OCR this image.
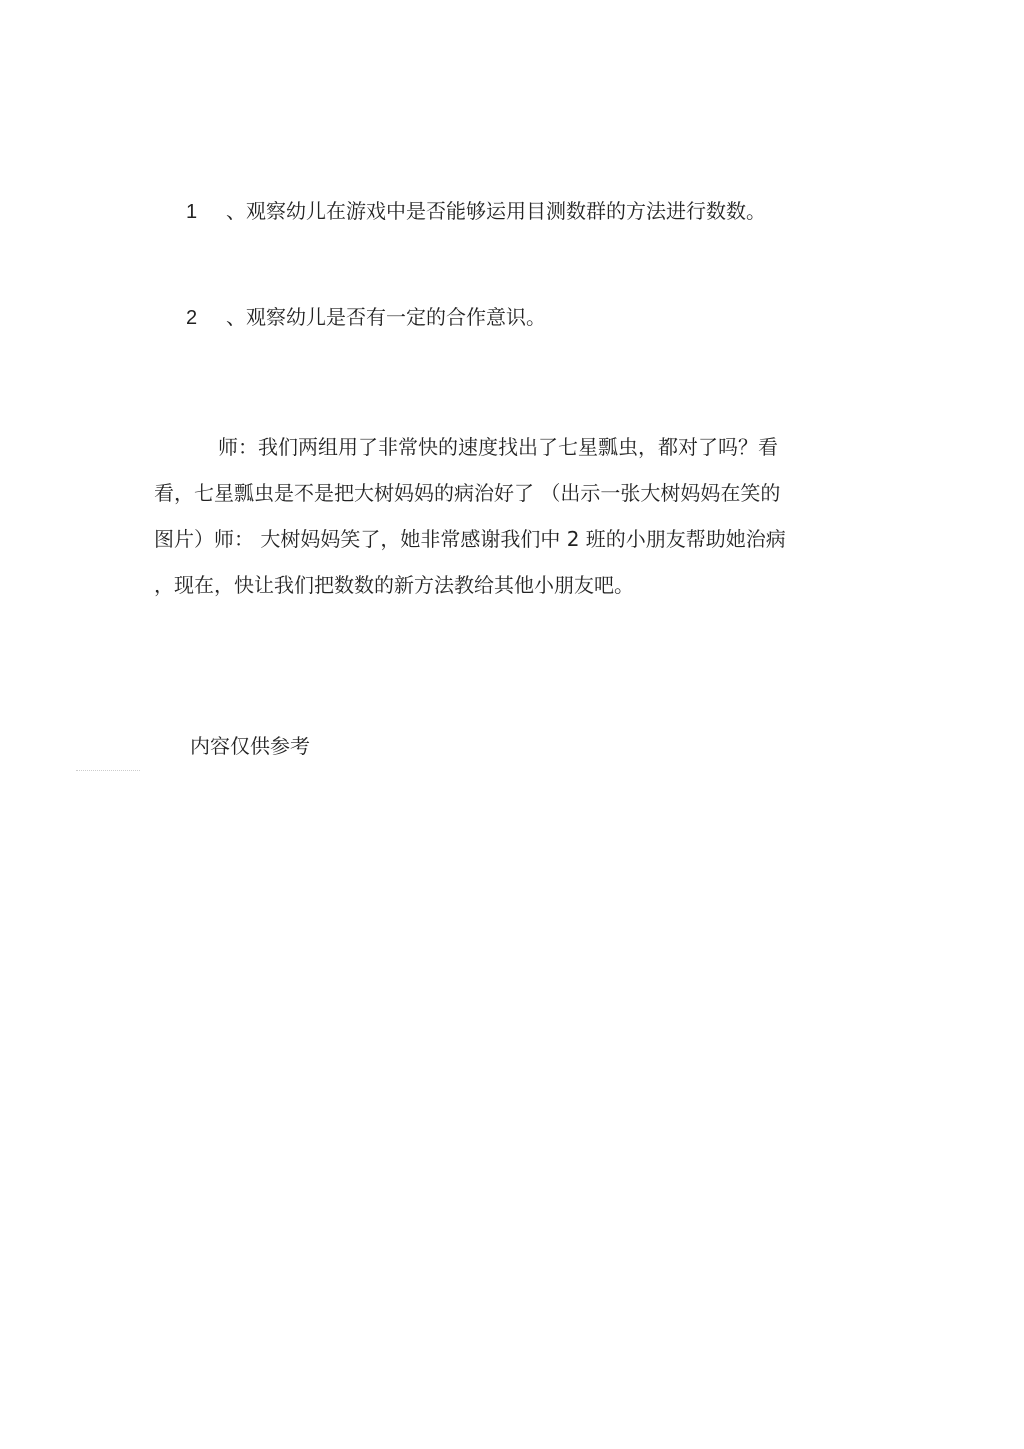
1 、观察幼儿在游戏中是否能够运用目测数群的方法进行数数。
2 、观察幼儿是否有一定的合作意识。
师：我们两组用了非常快的速度找出了七星瓢虫，都对了吗？看
看，七星瓢虫是不是把大树妈妈的病治好了 （出示一张大树妈妈在笑的
图片）师： 大树妈妈笑了，她非常感谢我们中 2 班的小朋友帮助她治病
，现在，快让我们把数数的新方法教给其他小朋友吧。
内容仅供参考
